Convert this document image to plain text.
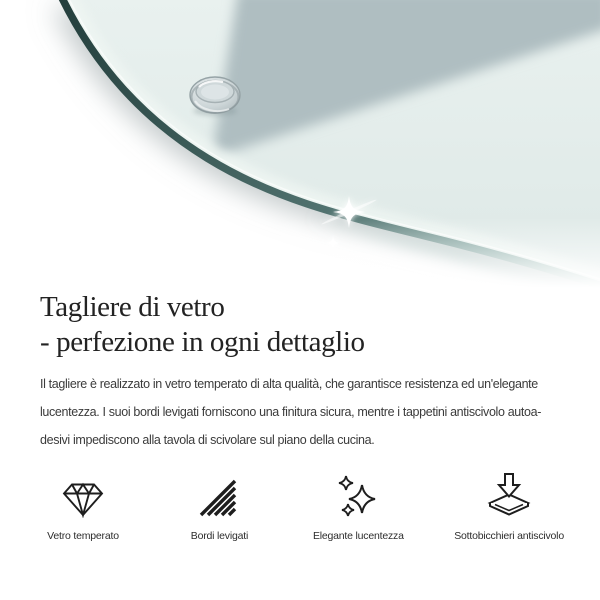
Tagliere di vetro
- perfezione in ogni dettaglio
Il tagliere è realizzato in vetro temperato di alta qualità, che garantisce resistenza ed un'elegante
lucentezza. I suoi bordi levigati forniscono una finitura sicura, mentre i tappetini antiscivolo autoa-
desivi impediscono alla tavola di scivolare sul piano della cucina.
Vetro temperato	Bordi levigati	Elegante lucentezza	Sottobicchieri antiscivolo
